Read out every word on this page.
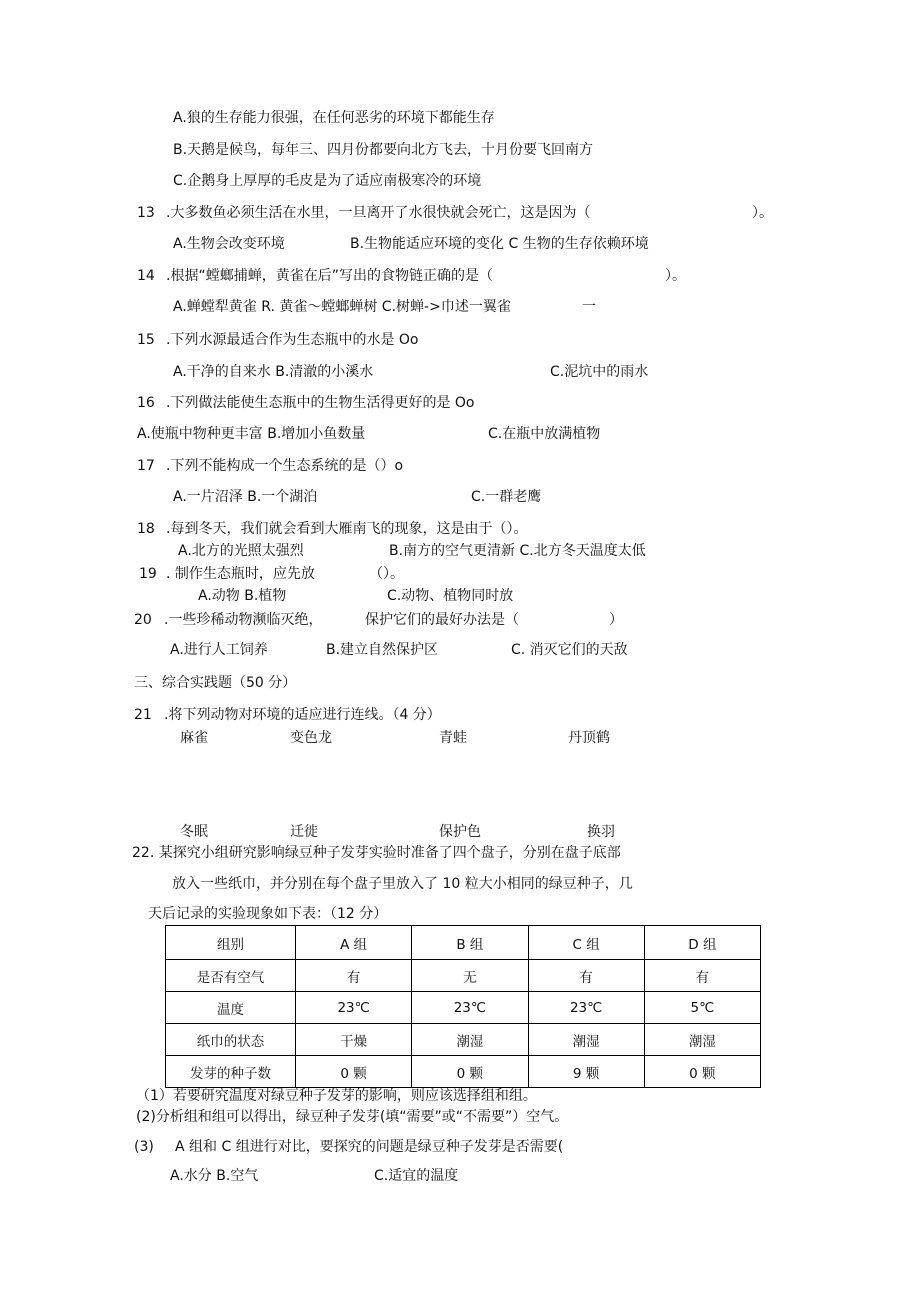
A.狼的生存能力很强，在任何恶劣的环境下都能生存
B.天鹅是候鸟，每年三、四月份都要向北方飞去，十月份要飞回南方
C.企鹅身上厚厚的毛皮是为了适应南极寒冷的环境
13 .大多数鱼必须生活在水里，一旦离开了水很快就会死亡，这是因为（	）。
A.生物会改变环境	B.生物能适应环境的变化 C 生物的生存依赖环境
14 .根据“螳螂捕蝉，黄雀在后”写出的食物链正确的是（	）。
A.蝉螳犁黄雀 R. 黄雀～螳螂蝉树 C.树蝉->巾述一翼雀	一
15 .下列水源最适合作为生态瓶中的水是 Oo
A.干净的自来水 B.清澈的小溪水	C.泥坑中的雨水
16 .下列做法能使生态瓶中的生物生活得更好的是 Oo
A.使瓶中物种更丰富 B.增加小鱼数量	C.在瓶中放满植物
17 .下列不能构成一个生态系统的是（）o
A.一片沼泽 B.一个湖泊	C.一群老鹰
18 .每到冬天，我们就会看到大雁南飞的现象，这是由于（）。
A.北方的光照太强烈	B.南方的空气更清新 C.北方冬天温度太低
19 . 制作生态瓶时，应先放	（）。
A.动物 B.植物	C.动物、植物同时放
20 .一些珍稀动物濒临灭绝，	保护它们的最好办法是（	）
A.进行人工饲养	B.建立自然保护区	C. 消灭它们的天敌
三、综合实践题（50 分）
21 .将下列动物对环境的适应进行连线。（4 分）
麻雀	变色龙	青蛙	丹顶鹤
冬眠	迁徙	保护色	换羽
22. 某探究小组研究影响绿豆种子发芽实验时准备了四个盘子，分别在盘子底部
放入一些纸巾，并分别在每个盘子里放入了 10 粒大小相同的绿豆种子，几
天后记录的实验现象如下表：（12 分）
组别	A 组	B 组	C 组	D 组
是否有空气	有	无	有	有
温度	23℃	23℃	23℃	5℃
纸巾的状态	干燥	潮湿	潮湿	潮湿
发芽的种子数	0 颗	0 颗	9 颗	0 颗
（1）若要研究温度对绿豆种子发芽的影响，则应该选择组和组。
(2)分析组和组可以得出，绿豆种子发芽(填“需要”或“不需要”）空气。
(3) A 组和 C 组进行对比，要探究的问题是绿豆种子发芽是否需要(
A.水分 B.空气	C.适宜的温度
